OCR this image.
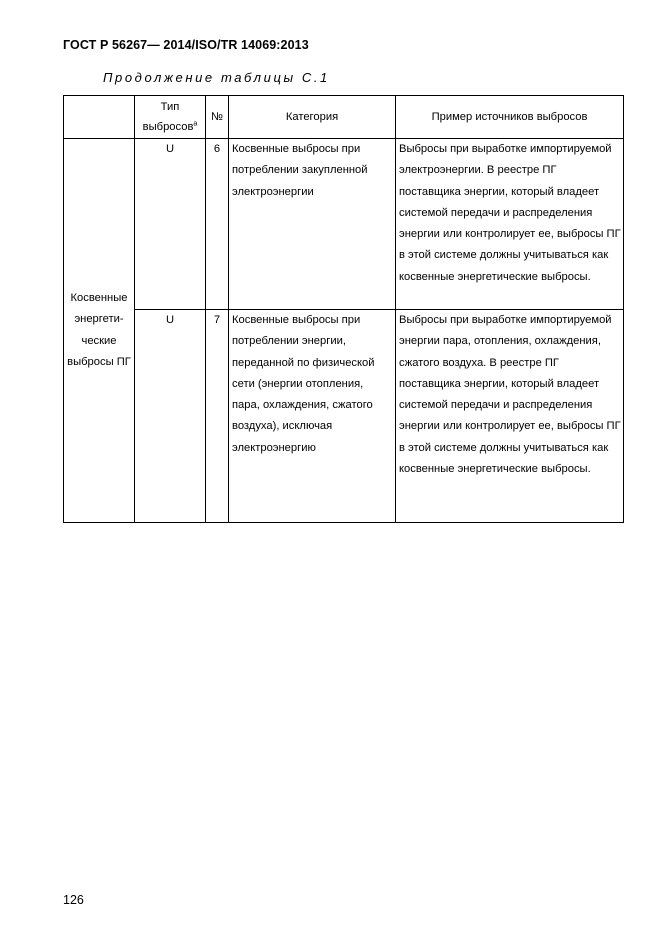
ГОСТ Р 56267— 2014/ISO/TR 14069:2013
Продолжение таблицы С.1
	Тип выбросов$^а$	№	Категория	Пример источников выбросов

Косвенные энергети-ческие выбросы ПГ	U	6	Косвенные выбросы при потреблении закупленной электроэнергии	Выбросы при выработке импортируемой электроэнергии. В реестре ПГ поставщика энергии, который владеет системой передачи и распределения энергии или контролирует ее, выбросы ПГ в этой системе должны учитываться как косвенные энергетические выбросы.
	U	7	Косвенные выбросы при потреблении энергии, переданной по физической сети (энергии отопления, пара, охлаждения, сжатого воздуха), исключая электроэнергию	Выбросы при выработке импортируемой энергии пара, отопления, охлаждения, сжатого воздуха. В реестре ПГ поставщика энергии, который владеет системой передачи и распределения энергии или контролирует ее, выбросы ПГ в этой системе должны учитываться как косвенные энергетические выбросы.
126
